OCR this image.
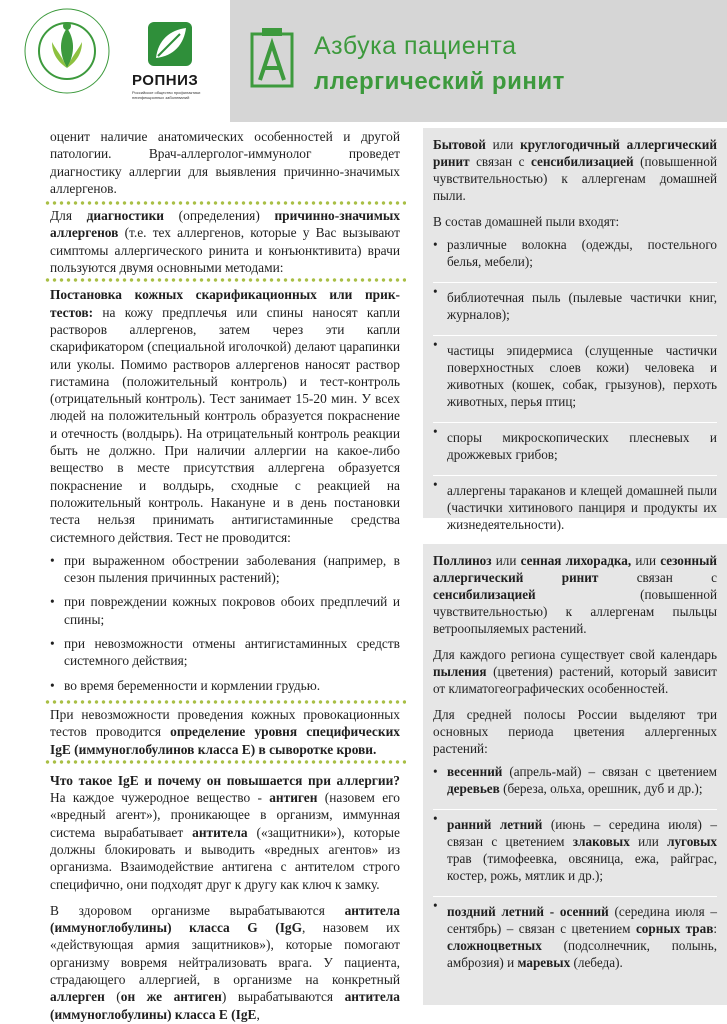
РОПНИЗ
Российское общество профилактики неинфекционных заболеваний
Азбука пациента
ллергический ринит

оценит наличие анатомических особенностей и другой патологии. Врач-аллерголог-иммунолог проведет диагностику аллергии для выявления причинно-значимых аллергенов.

Для диагностики (определения) причинно-значимых аллергенов (т.е. тех аллергенов, которые у Вас вызывают симптомы аллергического ринита и конъюнктивита) врачи пользуются двумя основными методами:

Постановка кожных скарификационных или прик-тестов: на кожу предплечья или спины наносят капли растворов аллергенов, затем через эти капли скарификатором (специальной иголочкой) делают царапинки или уколы. Помимо растворов аллергенов наносят раствор гистамина (положительный контроль) и тест-контроль (отрицательный контроль). Тест занимает 15-20 мин. У всех людей на положительный контроль образуется покраснение и отечность (волдырь). На отрицательный контроль реакции быть не должно. При наличии аллергии на какое-либо вещество в месте присутствия аллергена образуется покраснение и волдырь, сходные с реакцией на положительный контроль. Накануне и в день постановки теста нельзя принимать антигистаминные средства системного действия. Тест не проводится:

• при выраженном обострении заболевания (например, в сезон пыления причинных растений);
• при повреждении кожных покровов обоих предплечий и спины;
• при невозможности отмены антигистаминных средств системного действия;
• во время беременности и кормлении грудью.

При невозможности проведения кожных провокационных тестов проводится определение уровня специфических IgE (иммуноглобулинов класса E) в сыворотке крови.

Что такое IgE и почему он повышается при аллергии? На каждое чужеродное вещество - антиген (назовем его «вредный агент»), проникающее в организм, иммунная система вырабатывает антитела («защитники»), которые должны блокировать и выводить «вредных агентов» из организма. Взаимодействие антигена с антителом строго специфично, они подходят друг к другу как ключ к замку.

В здоровом организме вырабатываются антитела (иммуноглобулины) класса G (IgG, назовем их «действующая армия защитников»), которые помогают организму вовремя нейтрализовать врага. У пациента, страдающего аллергией, в организме на конкретный аллерген (он же антиген) вырабатываются антитела (иммуноглобулины) класса E (IgE,

Бытовой или круглогодичный аллергический ринит связан с сенсибилизацией (повышенной чувствительностью) к аллергенам домашней пыли.

В состав домашней пыли входят:

• различные волокна (одежды, постельного белья, мебели);
• библиотечная пыль (пылевые частички книг, журналов);
• частицы эпидермиса (слущенные частички поверхностных слоев кожи) человека и животных (кошек, собак, грызунов), перхоть животных, перья птиц;
• споры микроскопических плесневых и дрожжевых грибов;
• аллергены тараканов и клещей домашней пыли (частички хитинового панциря и продукты их жизнедеятельности).

Поллиноз или сенная лихорадка, или сезонный аллергический ринит связан с сенсибилизацией (повышенной чувствительностью) к аллергенам пыльцы ветроопыляемых растений.

Для каждого региона существует свой календарь пыления (цветения) растений, который зависит от климатогеографических особенностей.

Для средней полосы России выделяют три основных периода цветения аллергенных растений:

• весенний (апрель-май) – связан с цветением деревьев (береза, ольха, орешник, дуб и др.);
• ранний летний (июнь – середина июля) – связан с цветением злаковых или луговых трав (тимофеевка, овсяница, ежа, райграс, костер, рожь, мятлик и др.);
• поздний летний - осенний (середина июля – сентябрь) – связан с цветением сорных трав: сложноцветных (подсолнечник, полынь, амброзия) и маревых (лебеда).
